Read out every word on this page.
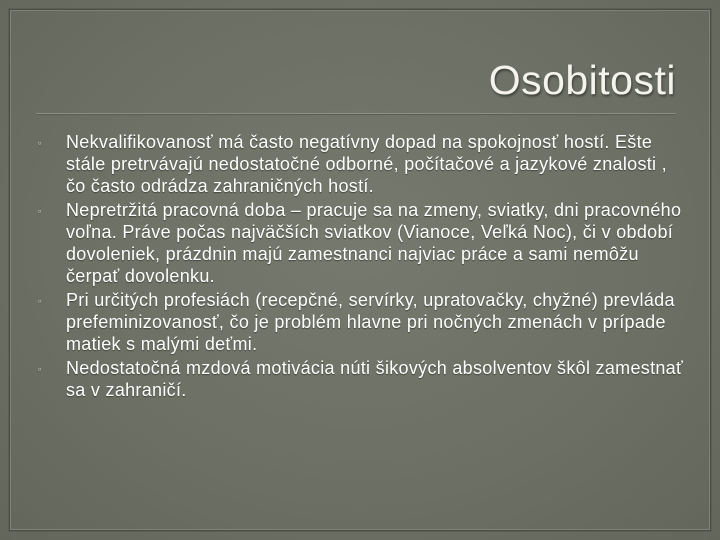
Osobitosti
▫ Nekvalifikovanosť má často negatívny dopad na spokojnosť hostí. Ešte stále pretrvávajú nedostatočné odborné, počítačové a jazykové znalosti , čo často odrádza zahraničných hostí.
▫ Nepretržitá pracovná doba – pracuje sa na zmeny, sviatky, dni pracovného voľna. Práve počas najväčších sviatkov (Vianoce, Veľká Noc), či v období dovoleniek, prázdnin majú zamestnanci najviac práce a sami nemôžu čerpať dovolenku.
▫ Pri určitých profesiách (recepčné, servírky, upratovačky, chyžné) prevláda prefeminizovanosť, čo je problém hlavne pri nočných zmenách v prípade matiek s malými deťmi.
▫ Nedostatočná mzdová motivácia núti šikových absolventov škôl zamestnať sa v zahraničí.
